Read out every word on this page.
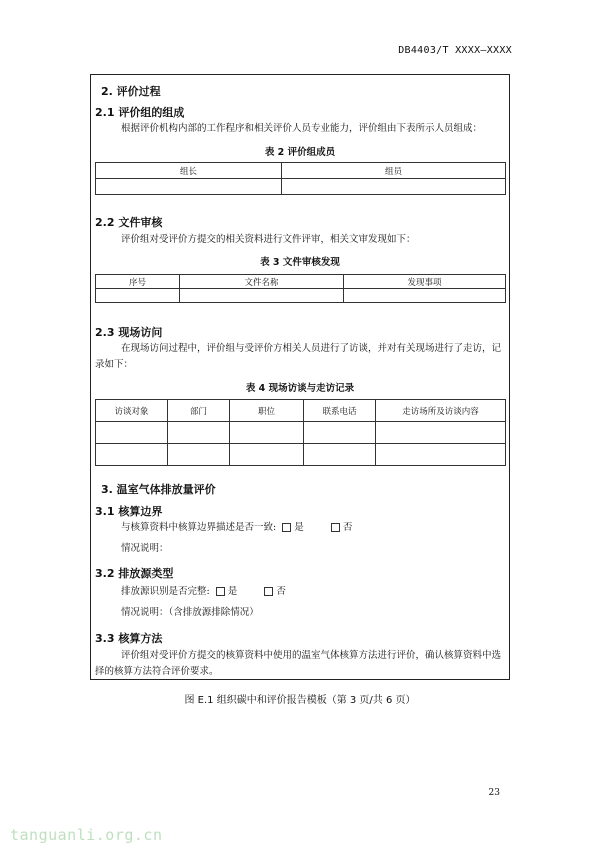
DB4403/T XXXX—XXXX
2. 评价过程
2.1 评价组的组成
根据评价机构内部的工作程序和相关评价人员专业能力，评价组由下表所示人员组成：
表 2 评价组成员
组长	组员

2.2 文件审核
评价组对受评价方提交的相关资料进行文件评审，相关文审发现如下：
表 3 文件审核发现
序号	文件名称	发现事项

2.3 现场访问
在现场访问过程中，评价组与受评价方相关人员进行了访谈，并对有关现场进行了走访，记录如下：
表 4 现场访谈与走访记录
访谈对象	部门	职位	联系电话	走访场所及访谈内容

3. 温室气体排放量评价
3.1 核算边界
与核算资料中核算边界描述是否一致: 是	否
情况说明：
3.2 排放源类型
排放源识别是否完整: 是	否
情况说明：（含排放源排除情况）
3.3 核算方法
评价组对受评价方提交的核算资料中使用的温室气体核算方法进行评价，确认核算资料中选择的核算方法符合评价要求。
图 E.1 组织碳中和评价报告模板（第 3 页/共 6 页）
23
tanguanli.org.cn
